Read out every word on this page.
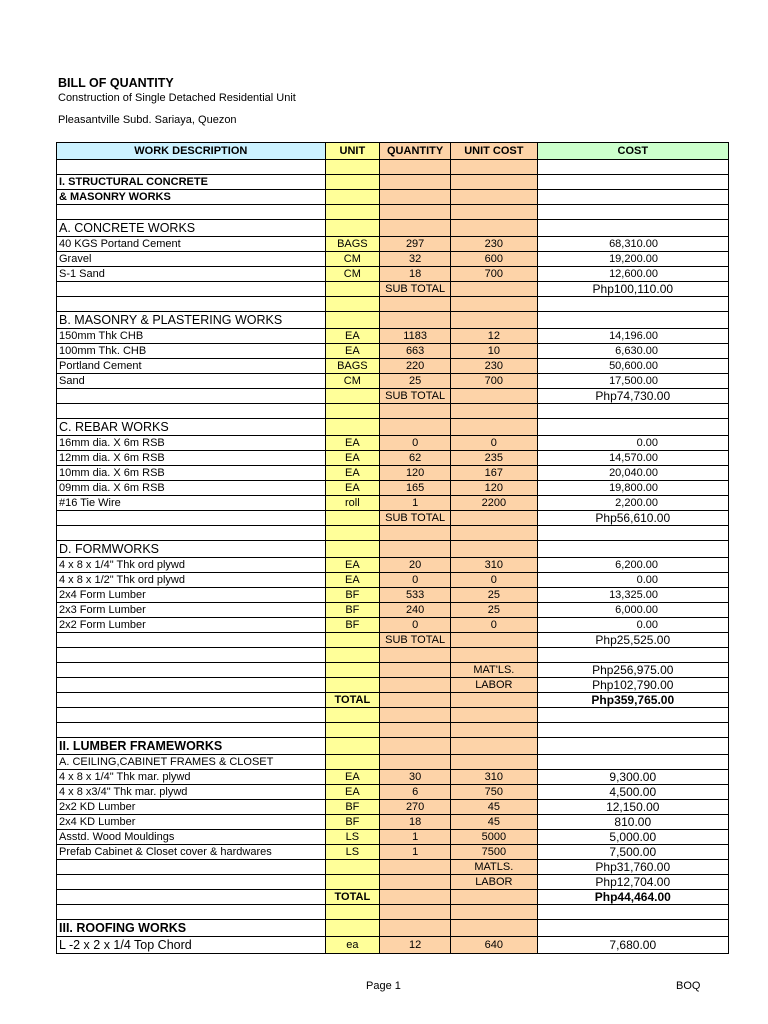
BILL OF QUANTITY
Construction of Single Detached Residential Unit
Pleasantville Subd. Sariaya, Quezon
WORK DESCRIPTION	UNIT	QUANTITY	UNIT COST	COST

I. STRUCTURAL CONCRETE				
& MASONRY WORKS				

A. CONCRETE WORKS				
40 KGS Portand Cement	BAGS	297	230	68,310.00
Gravel	CM	32	600	19,200.00
S-1 Sand	CM	18	700	12,600.00
		SUB TOTAL		Php100,110.00

B. MASONRY & PLASTERING WORKS				
150mm Thk CHB	EA	1183	12	14,196.00
100mm Thk. CHB	EA	663	10	6,630.00
Portland Cement	BAGS	220	230	50,600.00
Sand	CM	25	700	17,500.00
		SUB TOTAL		Php74,730.00

C. REBAR WORKS				
16mm dia. X 6m RSB	EA	0	0	0.00
12mm dia. X 6m RSB	EA	62	235	14,570.00
10mm dia. X 6m RSB	EA	120	167	20,040.00
09mm dia. X 6m RSB	EA	165	120	19,800.00
#16 Tie Wire	roll	1	2200	2,200.00
		SUB TOTAL		Php56,610.00

D. FORMWORKS				
4 x 8 x 1/4" Thk ord plywd	EA	20	310	6,200.00
4 x 8 x 1/2" Thk ord plywd	EA	0	0	0.00
2x4 Form Lumber	BF	533	25	13,325.00
2x3 Form Lumber	BF	240	25	6,000.00
2x2 Form Lumber	BF	0	0	0.00
		SUB TOTAL		Php25,525.00

			MAT'LS.	Php256,975.00
			LABOR	Php102,790.00
	TOTAL			Php359,765.00

II. LUMBER FRAMEWORKS				
A. CEILING,CABINET FRAMES & CLOSET				
4 x 8 x 1/4" Thk mar. plywd	EA	30	310	9,300.00
4 x 8 x3/4" Thk mar. plywd	EA	6	750	4,500.00
2x2 KD Lumber	BF	270	45	12,150.00
2x4 KD Lumber	BF	18	45	810.00
Asstd. Wood Mouldings	LS	1	5000	5,000.00
Prefab Cabinet & Closet cover & hardwares	LS	1	7500	7,500.00
			MATLS.	Php31,760.00
			LABOR	Php12,704.00
	TOTAL			Php44,464.00

III. ROOFING WORKS				
L -2 x 2 x 1/4 Top Chord	ea	12	640	7,680.00
Page 1	BOQ
